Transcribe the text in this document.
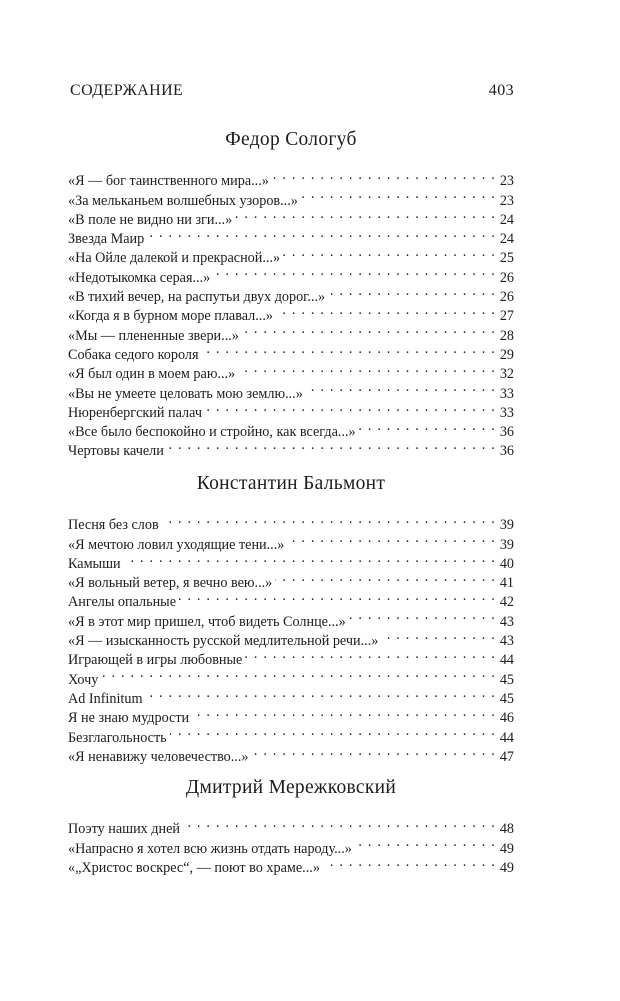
СОДЕРЖАНИЕ	403
Федор Сологуб
«Я — бог таинственного мира...» . . .	23
«За мельканьем волшебных узоров...» . . .	23
«В поле не видно ни зги...» . . .	24
Звезда Маир . . .	24
«На Ойле далекой и прекрасной...» . . .	25
«Недотыкомка серая...» . . .	26
«В тихий вечер, на распутьи двух дорог...» . . .	26
«Когда я в бурном море плавал...» . . .	27
«Мы — плененные звери...» . . .	28
Собака седого короля . . .	29
«Я был один в моем раю...» . . .	32
«Вы не умеете целовать мою землю...» . . .	33
Нюренбергский палач . . .	33
«Все было беспокойно и стройно, как всегда...» . . .	36
Чертовы качели . . .	36
Константин Бальмонт
Песня без слов . . .	39
«Я мечтою ловил уходящие тени...» . . .	39
Камыши . . .	40
«Я вольный ветер, я вечно вею...» . . .	41
Ангелы опальные . . .	42
«Я в этот мир пришел, чтоб видеть Солнце...» . . .	43
«Я — изысканность русской медлительной речи...» . . .	43
Играющей в игры любовные . . .	44
Хочу . . .	45
Ad Infinitum . . .	45
Я не знаю мудрости . . .	46
Безглагольность . . .	44
«Я ненавижу человечество...» . . .	47
Дмитрий Мережковский
Поэту наших дней . . .	48
«Напрасно я хотел всю жизнь отдать народу...» . . .	49
«„Христос воскрес“, — поют во храме...» . . .	49
